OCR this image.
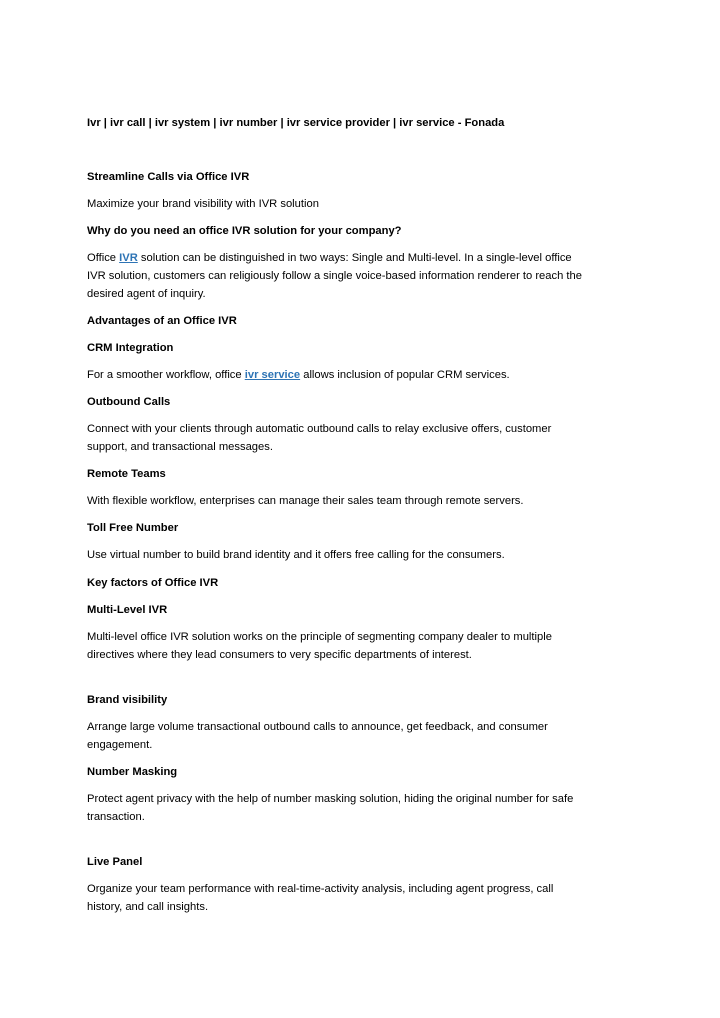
Ivr | ivr call | ivr system | ivr number | ivr service provider | ivr service - Fonada
Streamline Calls via Office IVR
Maximize your brand visibility with IVR solution
Why do you need an office IVR solution for your company?
Office IVR solution can be distinguished in two ways: Single and Multi-level. In a single-level office
IVR solution, customers can religiously follow a single voice-based information renderer to reach the
desired agent of inquiry.
Advantages of an Office IVR
CRM Integration
For a smoother workflow, office ivr service allows inclusion of popular CRM services.
Outbound Calls
Connect with your clients through automatic outbound calls to relay exclusive offers, customer
support, and transactional messages.
Remote Teams
With flexible workflow, enterprises can manage their sales team through remote servers.
Toll Free Number
Use virtual number to build brand identity and it offers free calling for the consumers.
Key factors of Office IVR
Multi-Level IVR
Multi-level office IVR solution works on the principle of segmenting company dealer to multiple
directives where they lead consumers to very specific departments of interest.
Brand visibility
Arrange large volume transactional outbound calls to announce, get feedback, and consumer
engagement.
Number Masking
Protect agent privacy with the help of number masking solution, hiding the original number for safe
transaction.
Live Panel
Organize your team performance with real-time-activity analysis, including agent progress, call
history, and call insights.
